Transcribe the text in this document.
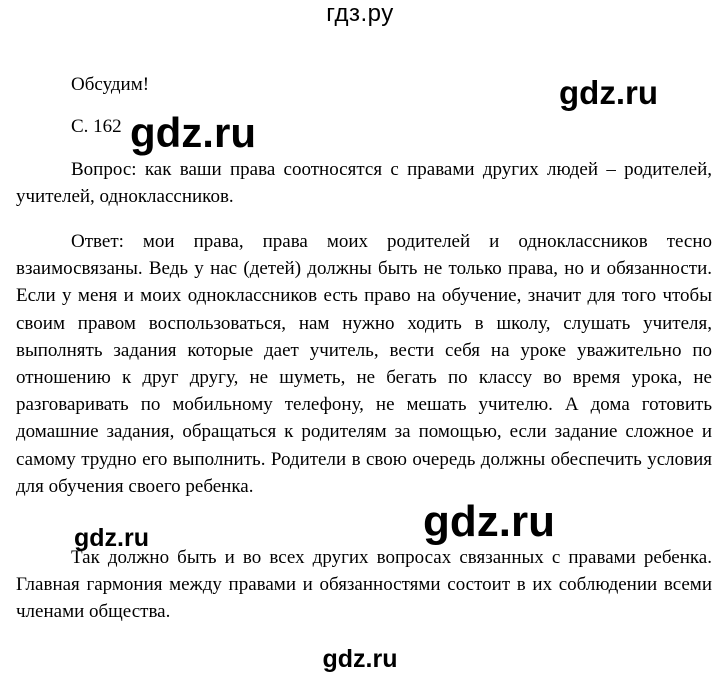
гдз.ру
Обсудим!
С. 162

Вопрос: как ваши права соотносятся с правами других людей – родителей, учителей, одноклассников.

Ответ: мои права, права моих родителей и одноклассников тесно взаимосвязаны. Ведь у нас (детей) должны быть не только права, но и обязанности. Если у меня и моих одноклассников есть право на обучение, значит для того чтобы своим правом воспользоваться, нам нужно ходить в школу, слушать учителя, выполнять задания которые дает учитель, вести себя на уроке уважительно по отношению к друг другу, не шуметь, не бегать по классу во время урока, не разговаривать по мобильному телефону, не мешать учителю. А дома готовить домашние задания, обращаться к родителям за помощью, если задание сложное и самому трудно его выполнить. Родители в свою очередь должны обеспечить условия для обучения своего ребенка.

Так должно быть и во всех других вопросах связанных с правами ребенка. Главная гармония между правами и обязанностями состоит в их соблюдении всеми членами общества.

gdz.ru
gdz.ru
gdz.ru
gdz.ru
gdz.ru
